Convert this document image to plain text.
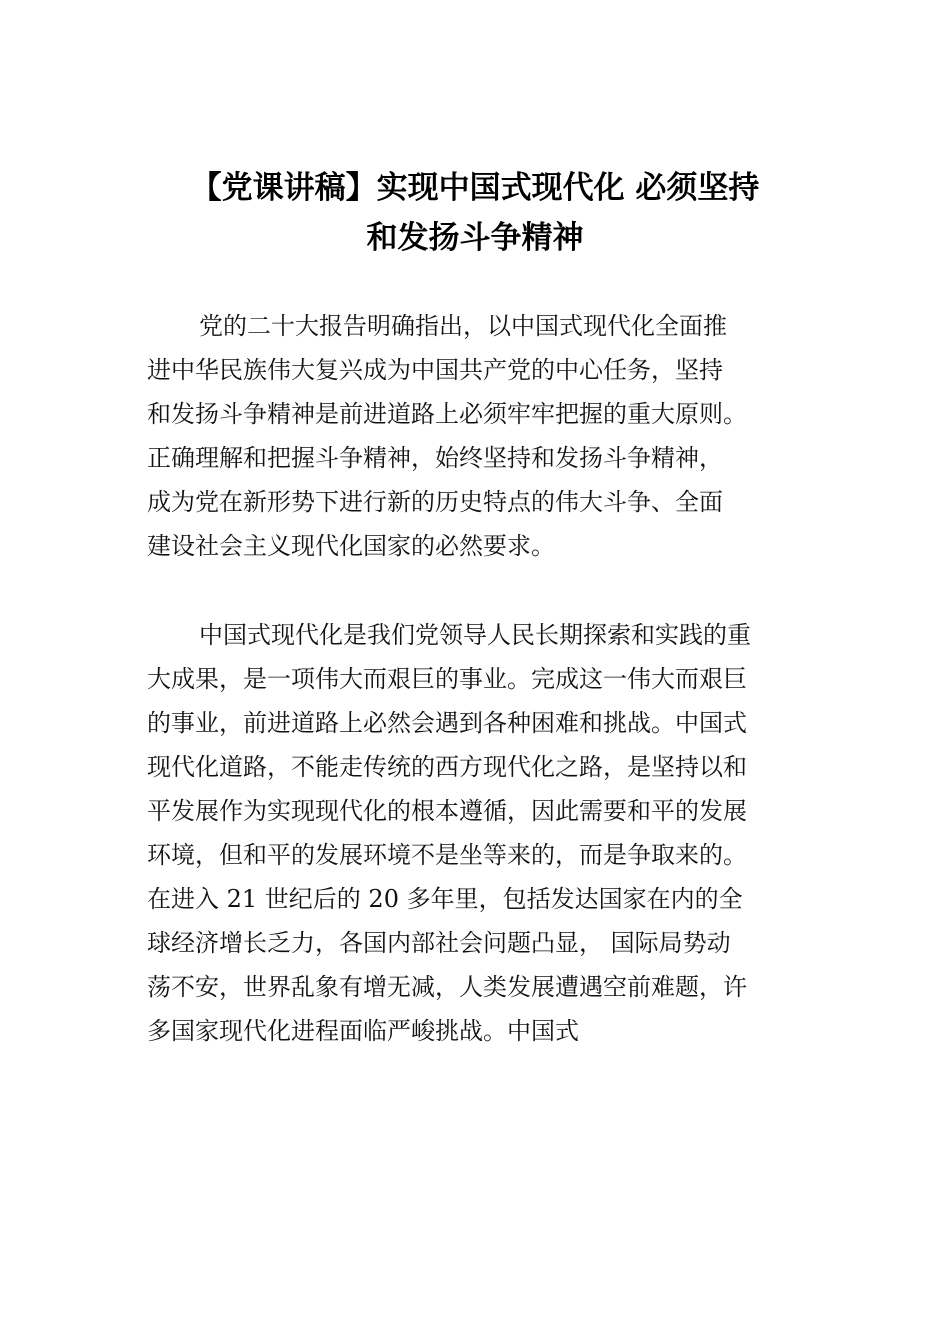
【党课讲稿】实现中国式现代化 必须坚持
和发扬斗争精神

党的二十大报告明确指出，以中国式现代化全面推
进中华民族伟大复兴成为中国共产党的中心任务，坚持
和发扬斗争精神是前进道路上必须牢牢把握的重大原则。
正确理解和把握斗争精神，始终坚持和发扬斗争精神，
成为党在新形势下进行新的历史特点的伟大斗争、全面
建设社会主义现代化国家的必然要求。

中国式现代化是我们党领导人民长期探索和实践的重
大成果，是一项伟大而艰巨的事业。完成这一伟大而艰巨
的事业，前进道路上必然会遇到各种困难和挑战。中国式
现代化道路，不能走传统的西方现代化之路，是坚持以和
平发展作为实现现代化的根本遵循，因此需要和平的发展
环境，但和平的发展环境不是坐等来的，而是争取来的。
在进入 21 世纪后的 20 多年里，包括发达国家在内的全
球经济增长乏力，各国内部社会问题凸显， 国际局势动
荡不安，世界乱象有增无减，人类发展遭遇空前难题，许
多国家现代化进程面临严峻挑战。中国式
